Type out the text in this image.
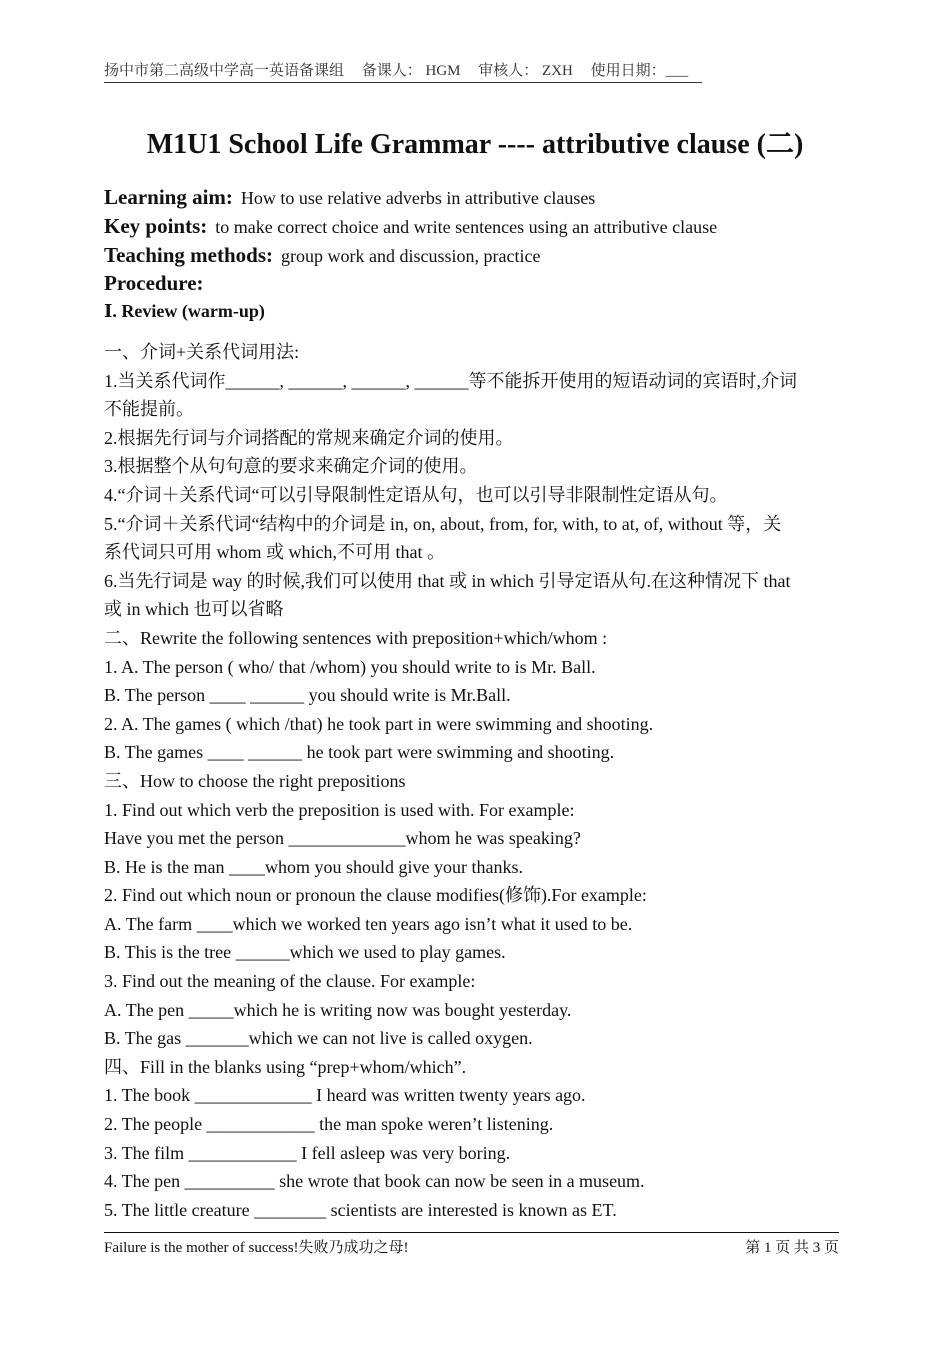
扬中市第二高级中学高一英语备课组 备课人： HGM 审核人： ZXH 使用日期：___
M1U1 School Life Grammar ---- attributive clause (二)
Learning aim: How to use relative adverbs in attributive clauses
Key points: to make correct choice and write sentences using an attributive clause
Teaching methods: group work and discussion, practice
Procedure:
Ⅰ. Review (warm-up)
一、介词+关系代词用法:
1.当关系代词作______, ______, ______, ______等不能拆开使用的短语动词的宾语时,介词
不能提前。
2.根据先行词与介词搭配的常规来确定介词的使用。
3.根据整个从句句意的要求来确定介词的使用。
4.“介词＋关系代词“可以引导限制性定语从句，也可以引导非限制性定语从句。
5.“介词＋关系代词“结构中的介词是 in, on, about, from, for, with, to at, of, without 等，关
系代词只可用 whom 或 which,不可用 that 。
6.当先行词是 way 的时候,我们可以使用 that 或 in which 引导定语从句.在这种情况下 that
或 in which 也可以省略
二、Rewrite the following sentences with preposition+which/whom :
1. A. The person ( who/ that /whom) you should write to is Mr. Ball.
B. The person ____ ______ you should write is Mr.Ball.
2. A. The games ( which /that) he took part in were swimming and shooting.
B. The games ____ ______ he took part were swimming and shooting.
三、How to choose the right prepositions
1. Find out which verb the preposition is used with. For example:
Have you met the person _____________whom he was speaking?
B. He is the man ____whom you should give your thanks.
2. Find out which noun or pronoun the clause modifies(修饰).For example:
A. The farm ____which we worked ten years ago isn’t what it used to be.
B. This is the tree ______which we used to play games.
3. Find out the meaning of the clause. For example:
A. The pen _____which he is writing now was bought yesterday.
B. The gas _______which we can not live is called oxygen.
四、Fill in the blanks using “prep+whom/which”.
1. The book _____________ I heard was written twenty years ago.
2. The people ____________ the man spoke weren’t listening.
3. The film ____________ I fell asleep was very boring.
4. The pen __________ she wrote that book can now be seen in a museum.
5. The little creature ________ scientists are interested is known as ET.
Failure is the mother of success!失败乃成功之母!	第 1 页 共 3 页
